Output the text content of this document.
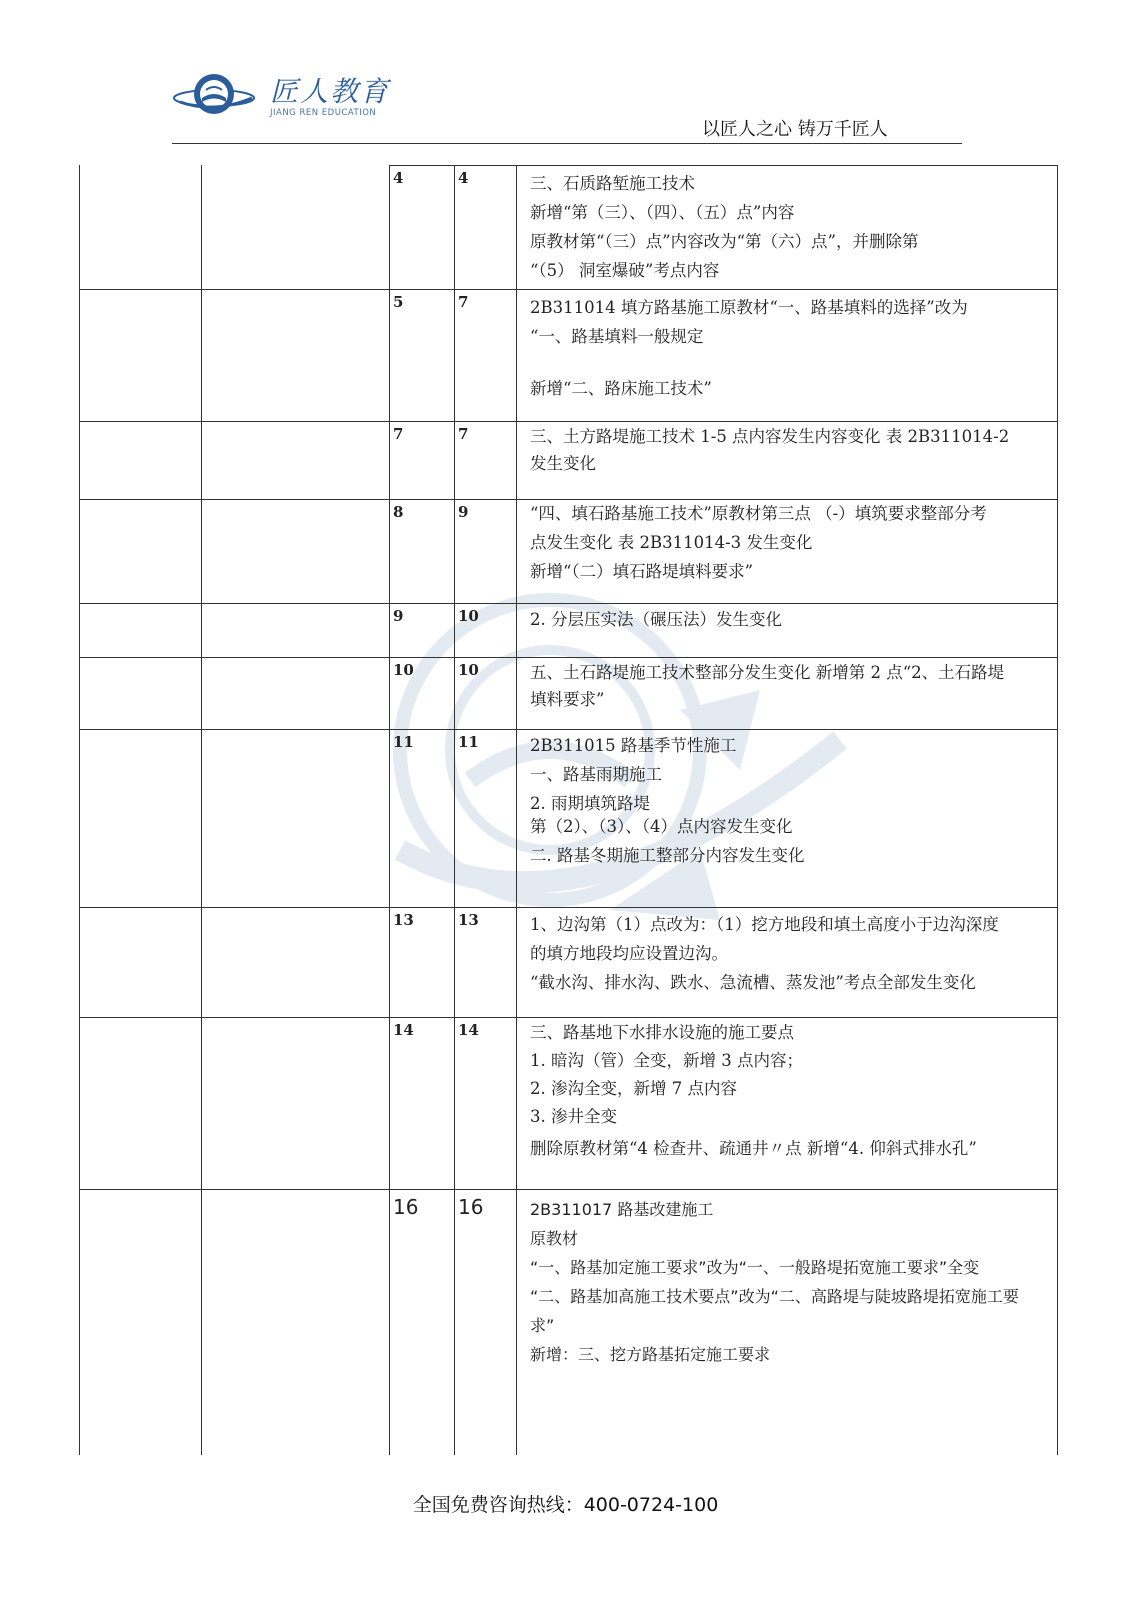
匠人教育
JIANG REN EDUCATION
以匠人之心 铸万千匠人
4	4	三、石质路堑施工技术
新增“第（三）、（四）、（五）点”内容
原教材第“（三）点”内容改为“第（六）点”，并删除第
“（5） 洞室爆破”考点内容
5	7	2B311014 填方路基施工原教材“一、路基填料的选择”改为
“一、路基填料一般规定
新增“二、路床施工技术”
7	7	三、土方路堤施工技术 1-5 点内容发生内容变化 表 2B311014-2
发生变化
8	9	“四、填石路基施工技术”原教材第三点 （-）填筑要求整部分考
点发生变化 表 2B311014-3 发生变化
新增“（二）填石路堤填料要求”
9	10	2. 分层压实法（碾压法）发生变化
10	10	五、土石路堤施工技术整部分发生变化 新增第 2 点“2、土石路堤
填料要求”
11	11	2B311015 路基季节性施工
一、路基雨期施工
2. 雨期填筑路堤
第（2）、（3）、（4）点内容发生变化
二. 路基冬期施工整部分内容发生变化
13	13	1、边沟第（1）点改为：（1）挖方地段和填土高度小于边沟深度
的填方地段均应设置边沟。
“截水沟、排水沟、跌水、急流槽、蒸发池”考点全部发生变化
14	14	三、路基地下水排水设施的施工要点
1. 暗沟（管）全变，新增 3 点内容；
2. 渗沟全变，新增 7 点内容
3. 渗井全变
删除原教材第“4 检查井、疏通井〃点 新增“4. 仰斜式排水孔”
16 16	2B311017 路基改建施工
原教材
“一、路基加定施工要求”改为“一、一般路堤拓宽施工要求”全变
“二、路基加高施工技术要点”改为“二、高路堤与陡坡路堤拓宽施工要
求”
新增：三、挖方路基拓定施工要求
全国免费咨询热线：400-0724-100
